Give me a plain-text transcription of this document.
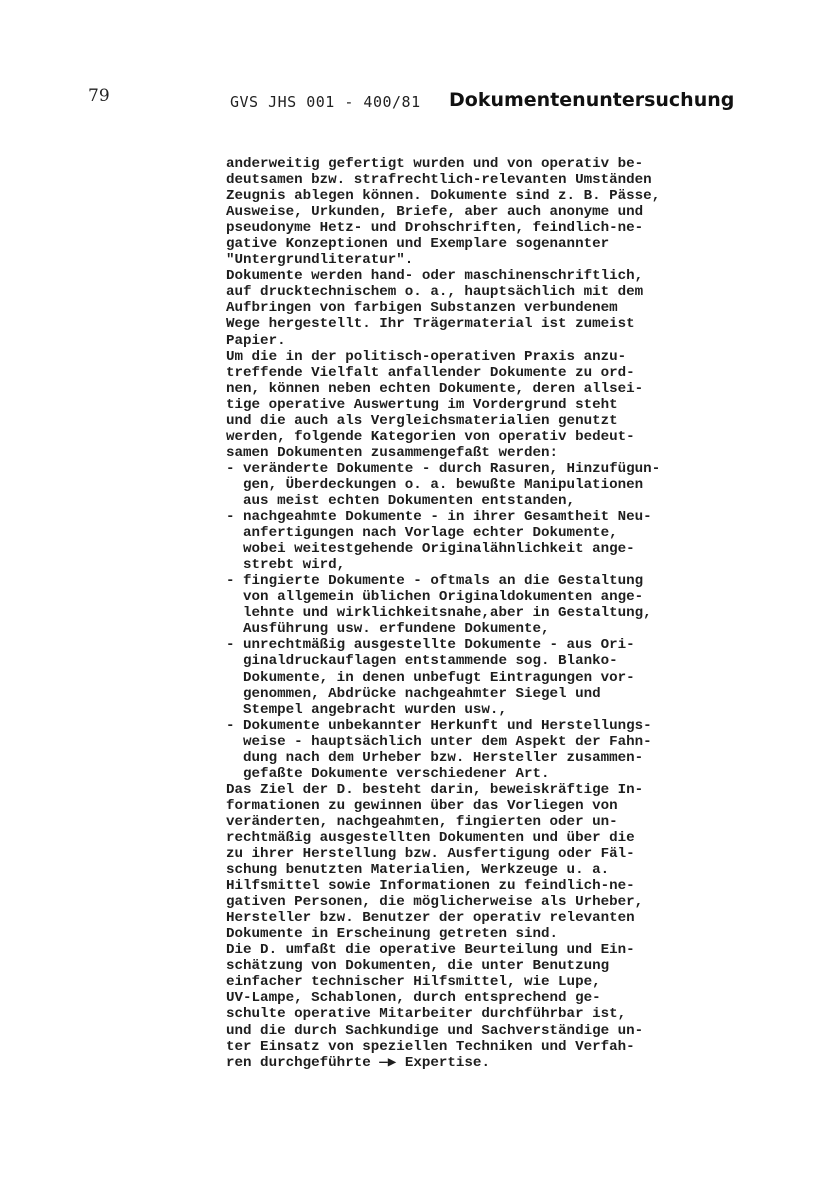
79	GVS JHS 001 - 400/81 Dokumentenuntersuchung
anderweitig gefertigt wurden und von operativ be-
deutsamen bzw. strafrechtlich-relevanten Umständen
Zeugnis ablegen können. Dokumente sind z. B. Pässe,
Ausweise, Urkunden, Briefe, aber auch anonyme und
pseudonyme Hetz- und Drohschriften, feindlich-ne-
gative Konzeptionen und Exemplare sogenannter
"Untergrundliteratur".
Dokumente werden hand- oder maschinenschriftlich,
auf drucktechnischem o. a., hauptsächlich mit dem
Aufbringen von farbigen Substanzen verbundenem
Wege hergestellt. Ihr Trägermaterial ist zumeist
Papier.
Um die in der politisch-operativen Praxis anzu-
treffende Vielfalt anfallender Dokumente zu ord-
nen, können neben echten Dokumente, deren allsei-
tige operative Auswertung im Vordergrund steht
und die auch als Vergleichsmaterialien genutzt
werden, folgende Kategorien von operativ bedeut-
samen Dokumenten zusammengefaßt werden:
- veränderte Dokumente - durch Rasuren, Hinzufügun-
gen, Überdeckungen o. a. bewußte Manipulationen
aus meist echten Dokumenten entstanden,
- nachgeahmte Dokumente - in ihrer Gesamtheit Neu-
anfertigungen nach Vorlage echter Dokumente,
wobei weitestgehende Originalähnlichkeit ange-
strebt wird,
- fingierte Dokumente - oftmals an die Gestaltung
von allgemein üblichen Originaldokumenten ange-
lehnte und wirklichkeitsnahe,aber in Gestaltung,
Ausführung usw. erfundene Dokumente,
- unrechtmäßig ausgestellte Dokumente - aus Ori-
ginaldruckauflagen entstammende sog. Blanko-
Dokumente, in denen unbefugt Eintragungen vor-
genommen, Abdrücke nachgeahmter Siegel und
Stempel angebracht wurden usw.,
- Dokumente unbekannter Herkunft und Herstellungs-
weise - hauptsächlich unter dem Aspekt der Fahn-
dung nach dem Urheber bzw. Hersteller zusammen-
gefaßte Dokumente verschiedener Art.
Das Ziel der D. besteht darin, beweiskräftige In-
formationen zu gewinnen über das Vorliegen von
veränderten, nachgeahmten, fingierten oder un-
rechtmäßig ausgestellten Dokumenten und über die
zu ihrer Herstellung bzw. Ausfertigung oder Fäl-
schung benutzten Materialien, Werkzeuge u. a.
Hilfsmittel sowie Informationen zu feindlich-ne-
gativen Personen, die möglicherweise als Urheber,
Hersteller bzw. Benutzer der operativ relevanten
Dokumente in Erscheinung getreten sind.
Die D. umfaßt die operative Beurteilung und Ein-
schätzung von Dokumenten, die unter Benutzung
einfacher technischer Hilfsmittel, wie Lupe,
UV-Lampe, Schablonen, durch entsprechend ge-
schulte operative Mitarbeiter durchführbar ist,
und die durch Sachkundige und Sachverständige un-
ter Einsatz von speziellen Techniken und Verfah-
ren durchgeführte —▶ Expertise.
